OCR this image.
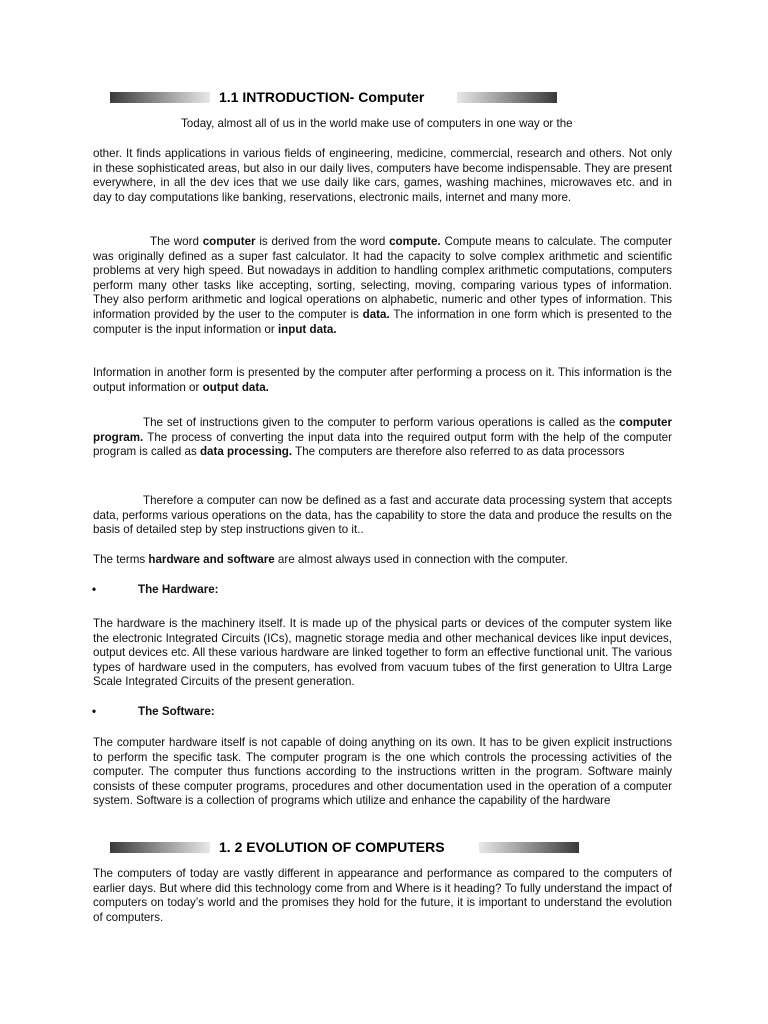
1.1 INTRODUCTION- Computer
Today, almost all of us in the world make use of computers in one way or the

other. It finds applications in various fields of engineering, medicine, commercial, research and others. Not only in these sophisticated areas, but also in our daily lives, computers have become indispensable. They are present everywhere, in all the dev ices that we use daily like cars, games, washing machines, microwaves etc. and in day to day computations like banking, reservations, electronic mails, internet and many more.

The word computer is derived from the word compute. Compute means to calculate. The computer was originally defined as a super fast calculator. It had the capacity to solve complex arithmetic and scientific problems at very high speed. But nowadays in addition to handling complex arithmetic computations, computers perform many other tasks like accepting, sorting, selecting, moving, comparing various types of information. They also perform arithmetic and logical operations on alphabetic, numeric and other types of information. This information provided by the user to the computer is data. The information in one form which is presented to the computer is the input information or input data.

Information in another form is presented by the computer after performing a process on it. This information is the output information or output data.

The set of instructions given to the computer to perform various operations is called as the computer program. The process of converting the input data into the required output form with the help of the computer program is called as data processing. The computers are therefore also referred to as data processors

Therefore a computer can now be defined as a fast and accurate data processing system that accepts data, performs various operations on the data, has the capability to store the data and produce the results on the basis of detailed step by step instructions given to it..

The terms hardware and software are almost always used in connection with the computer.

•	The Hardware:

The hardware is the machinery itself. It is made up of the physical parts or devices of the computer system like the electronic Integrated Circuits (ICs), magnetic storage media and other mechanical devices like input devices, output devices etc. All these various hardware are linked together to form an effective functional unit. The various types of hardware used in the computers, has evolved from vacuum tubes of the first generation to Ultra Large Scale Integrated Circuits of the present generation.

•	The Software:

The computer hardware itself is not capable of doing anything on its own. It has to be given explicit instructions to perform the specific task. The computer program is the one which controls the processing activities of the computer. The computer thus functions according to the instructions written in the program. Software mainly consists of these computer programs, procedures and other documentation used in the operation of a computer system. Software is a collection of programs which utilize and enhance the capability of the hardware

1. 2 EVOLUTION OF COMPUTERS

The computers of today are vastly different in appearance and performance as compared to the computers of earlier days. But where did this technology come from and Where is it heading? To fully understand the impact of computers on today’s world and the promises they hold for the future, it is important to understand the evolution of computers.
